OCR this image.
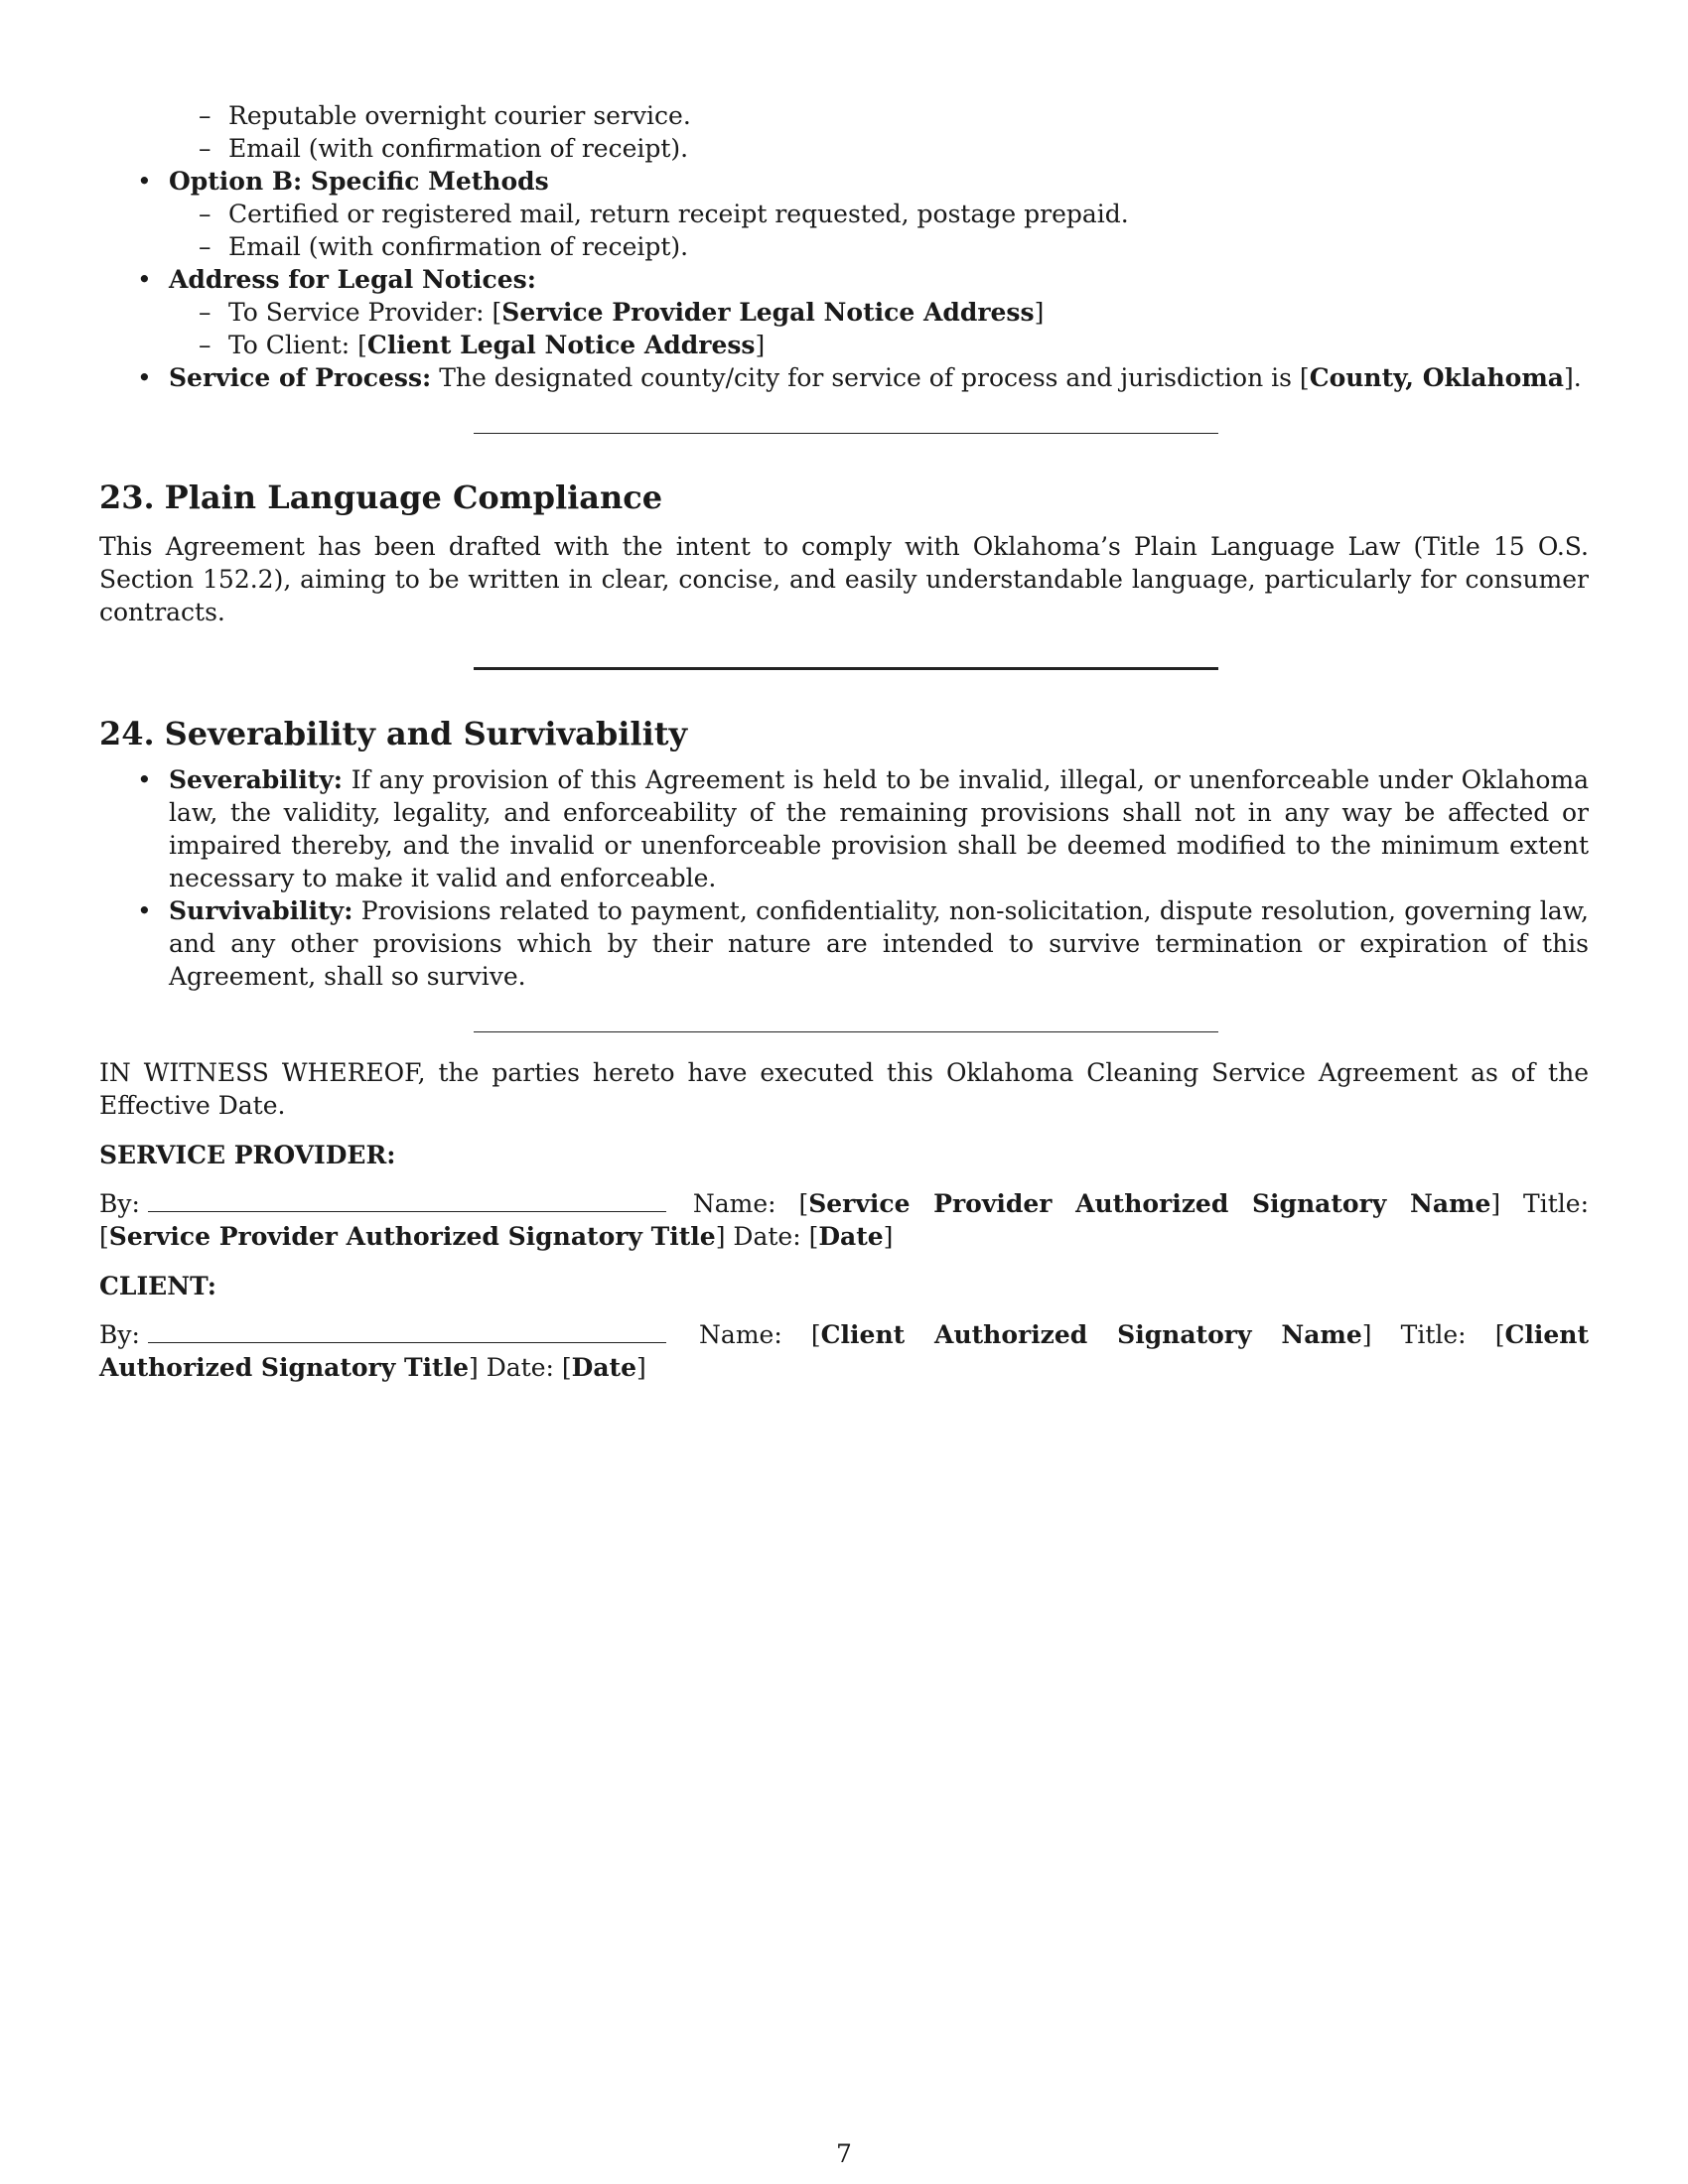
– Reputable overnight courier service.
– Email (with confirmation of receipt).
• Option B: Specific Methods
– Certified or registered mail, return receipt requested, postage prepaid.
– Email (with confirmation of receipt).
• Address for Legal Notices:
– To Service Provider: [Service Provider Legal Notice Address]
– To Client: [Client Legal Notice Address]
• Service of Process: The designated county/city for service of process and jurisdiction is [County, Oklahoma].
23. Plain Language Compliance

This Agreement has been drafted with the intent to comply with Oklahoma’s Plain Language Law (Title 15 O.S. Section 152.2), aiming to be written in clear, concise, and easily understandable language, particularly for consumer contracts.

24. Severability and Survivability
• Severability: If any provision of this Agreement is held to be invalid, illegal, or unenforceable under Oklahoma law, the validity, legality, and enforceability of the remaining provisions shall not in any way be affected or impaired thereby, and the invalid or unenforceable provision shall be deemed modified to the minimum extent necessary to make it valid and enforceable.
• Survivability: Provisions related to payment, confidentiality, non-solicitation, dispute resolution, governing law, and any other provisions which by their nature are intended to survive termination or expiration of this Agreement, shall so survive.

IN WITNESS WHEREOF, the parties hereto have executed this Oklahoma Cleaning Service Agreement as of the Effective Date.

SERVICE PROVIDER:

By:	Name: [Service Provider Authorized Signatory Name] Title: [Service Provider Authorized Signatory Title] Date: [Date]

CLIENT:

By:	Name: [Client Authorized Signatory Name] Title: [Client Authorized Signatory Title] Date: [Date]

7
